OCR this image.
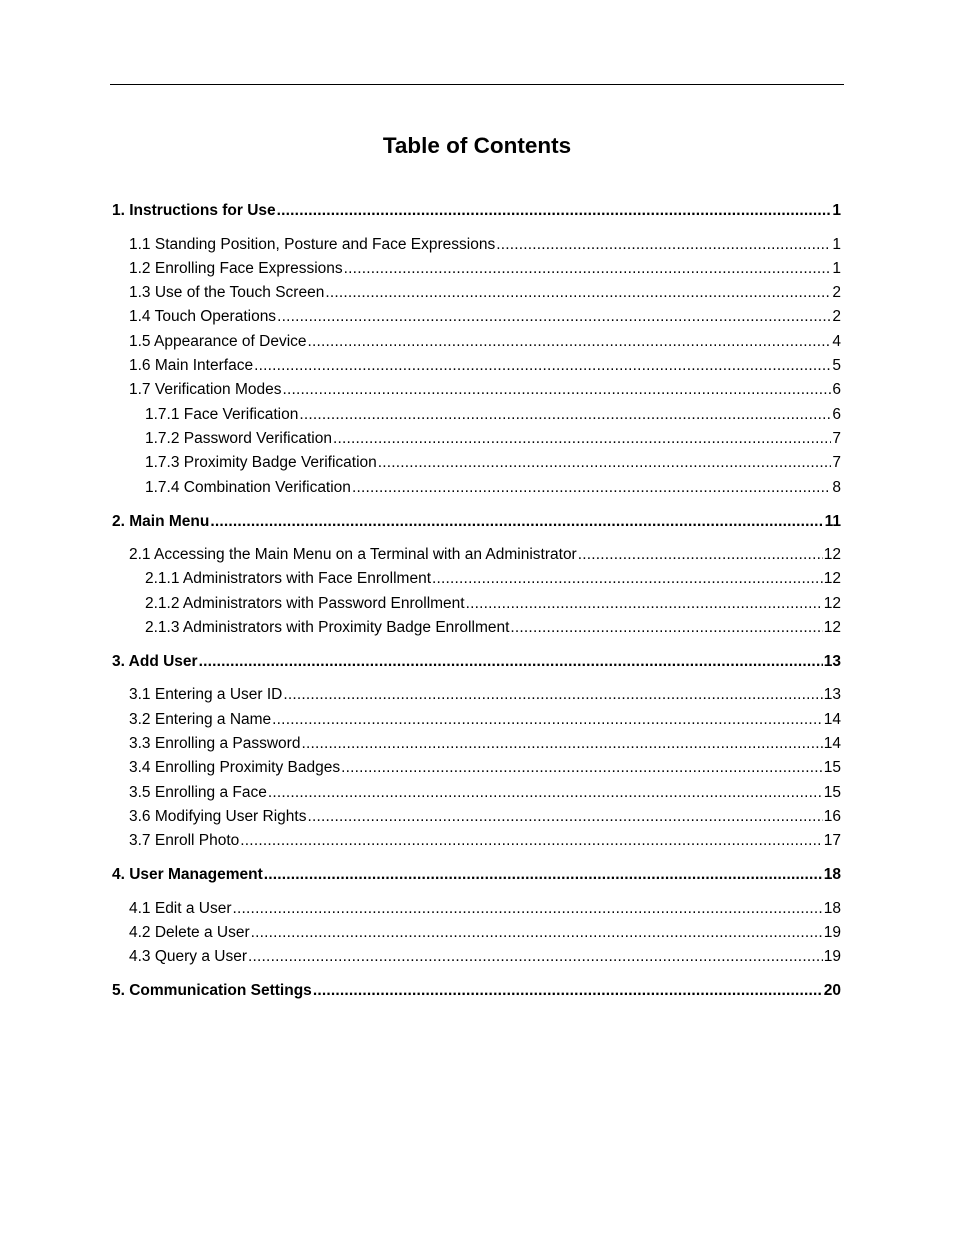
Table of Contents
1. Instructions for Use .....	1
1.1 Standing Position, Posture and Face Expressions .....	1
1.2 Enrolling Face Expressions .....	1
1.3 Use of the Touch Screen .....	2
1.4 Touch Operations .....	2
1.5 Appearance of Device .....	4
1.6 Main Interface .....	5
1.7 Verification Modes .....	6
1.7.1 Face Verification .....	6
1.7.2 Password Verification .....	7
1.7.3 Proximity Badge Verification .....	7
1.7.4 Combination Verification .....	8
2. Main Menu .....	11
2.1 Accessing the Main Menu on a Terminal with an Administrator .....	12
2.1.1 Administrators with Face Enrollment .....	12
2.1.2 Administrators with Password Enrollment .....	12
2.1.3 Administrators with Proximity Badge Enrollment .....	12
3. Add User .....	13
3.1 Entering a User ID .....	13
3.2 Entering a Name .....	14
3.3 Enrolling a Password .....	14
3.4 Enrolling Proximity Badges .....	15
3.5 Enrolling a Face .....	15
3.6 Modifying User Rights .....	16
3.7 Enroll Photo .....	17
4. User Management .....	18
4.1 Edit a User .....	18
4.2 Delete a User .....	19
4.3 Query a User .....	19
5. Communication Settings .....	20
